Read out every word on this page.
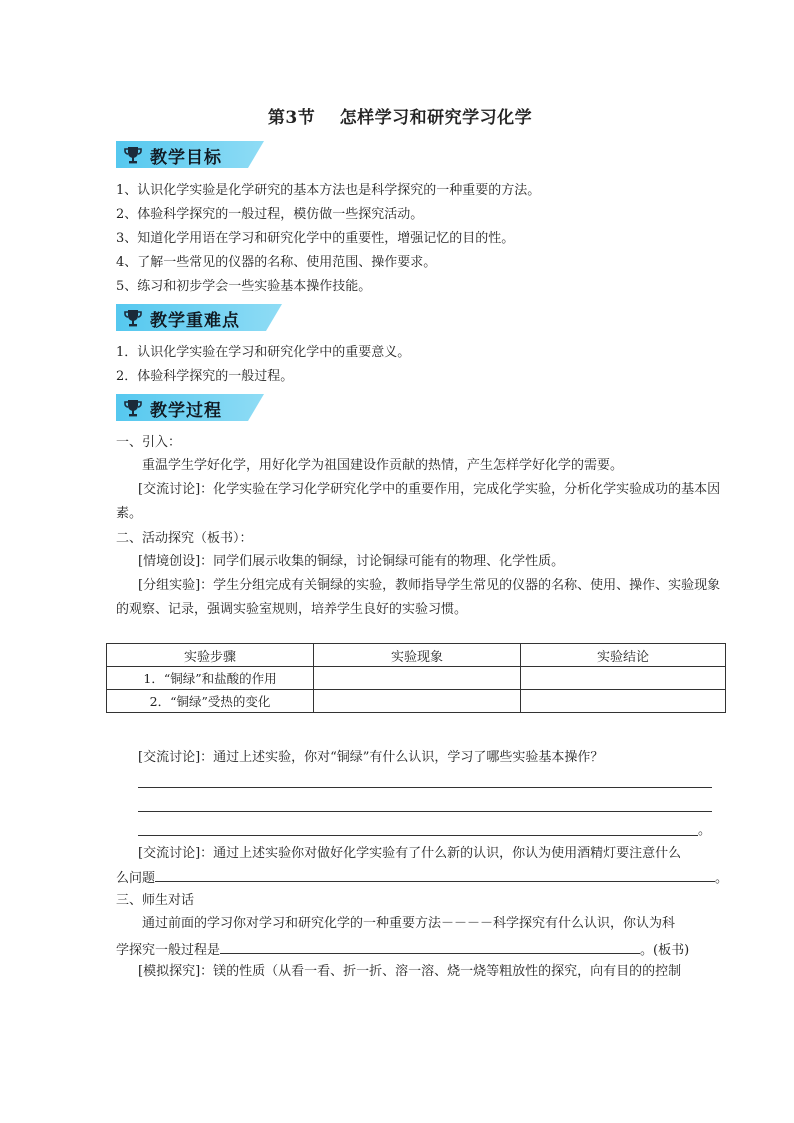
第3节 怎样学习和研究学习化学
教学目标
1、认识化学实验是化学研究的基本方法也是科学探究的一种重要的方法。
2、体验科学探究的一般过程，模仿做一些探究活动。
3、知道化学用语在学习和研究化学中的重要性，增强记忆的目的性。
4、了解一些常见的仪器的名称、使用范围、操作要求。
5、练习和初步学会一些实验基本操作技能。
教学重难点
1．认识化学实验在学习和研究化学中的重要意义。
2．体验科学探究的一般过程。
教学过程
一、引入：
重温学生学好化学，用好化学为祖国建设作贡献的热情，产生怎样学好化学的需要。
[交流讨论]：化学实验在学习化学研究化学中的重要作用，完成化学实验，分析化学实验成功的基本因素。
二、活动探究（板书）：
[情境创设]：同学们展示收集的铜绿，讨论铜绿可能有的物理、化学性质。
[分组实验]：学生分组完成有关铜绿的实验，教师指导学生常见的仪器的名称、使用、操作、实验现象的观察、记录，强调实验室规则，培养学生良好的实验习惯。
实验步骤	实验现象	实验结论
1．“铜绿”和盐酸的作用		
2．“铜绿”受热的变化		
[交流讨论]：通过上述实验，你对“铜绿”有什么认识，学习了哪些实验基本操作？
。
[交流讨论]：通过上述实验你对做好化学实验有了什么新的认识，你认为使用酒精灯要注意什么
么问题	。
三、师生对话
通过前面的学习你对学习和研究化学的一种重要方法－－－－科学探究有什么认识，你认为科
学探究一般过程是	。(板书)
[模拟探究]：镁的性质（从看一看、折一折、溶一溶、烧一烧等粗放性的探究，向有目的的控制
